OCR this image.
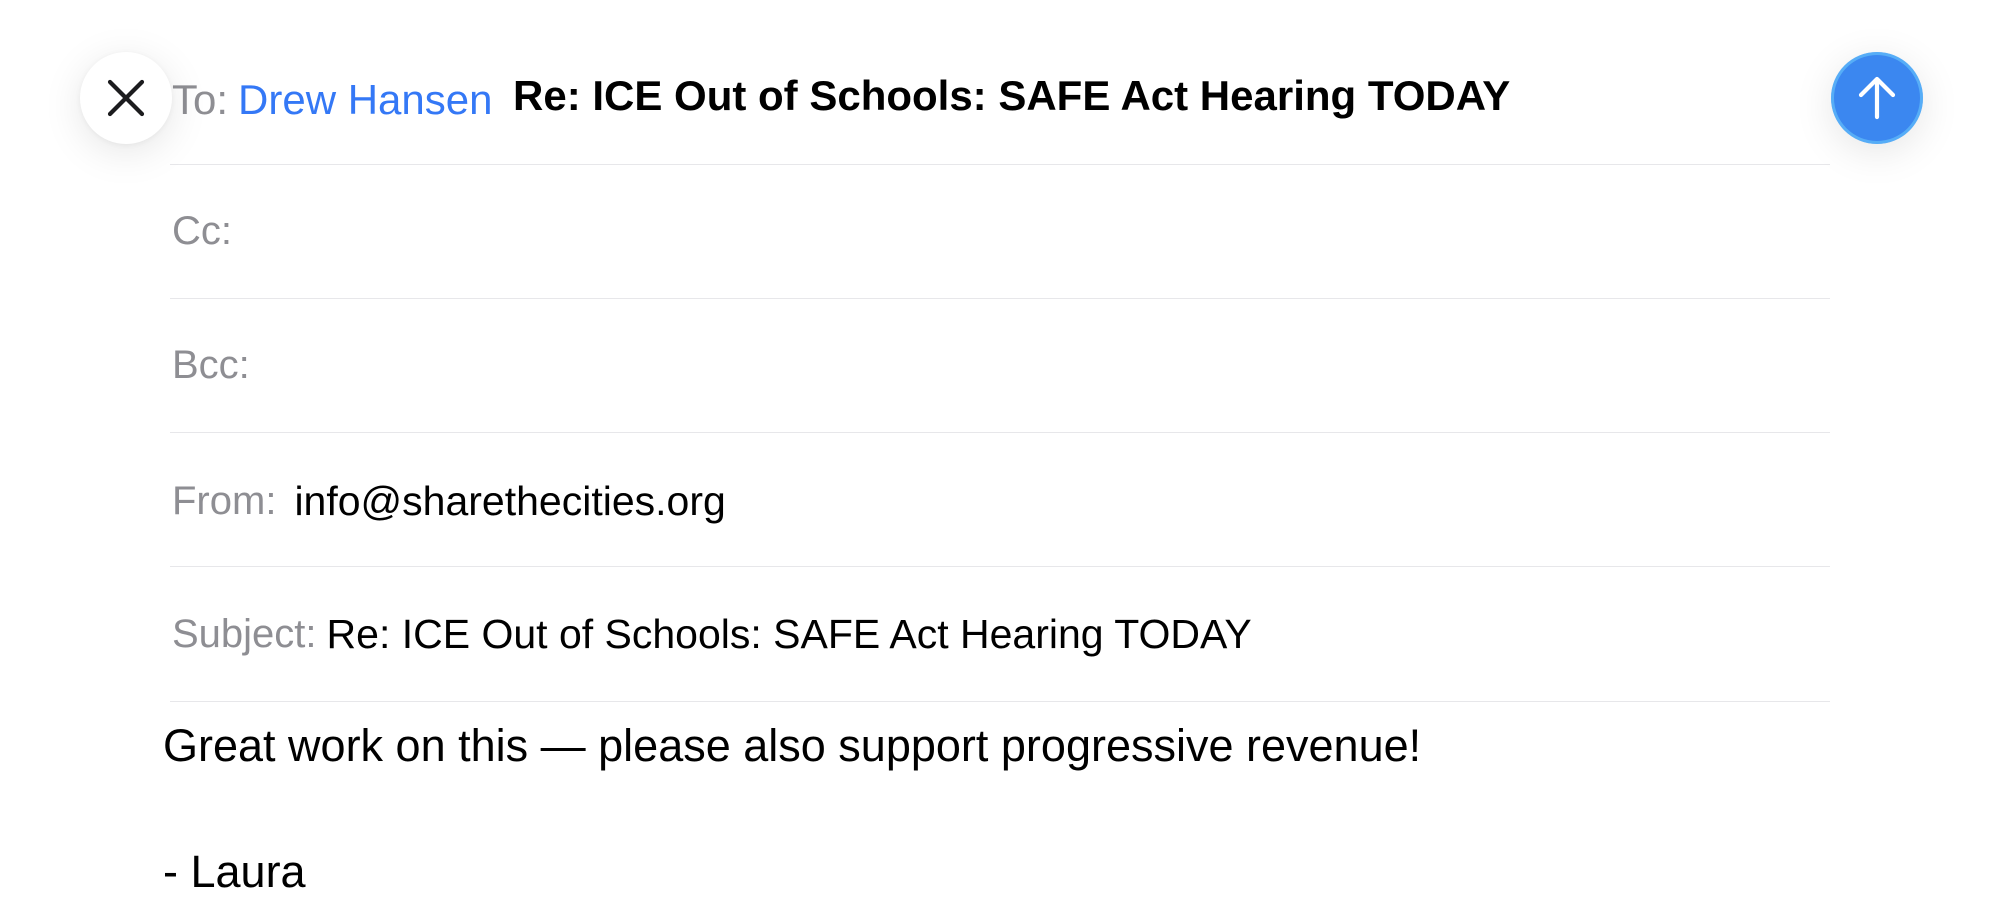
To: Drew Hansen Re: ICE Out of Schools: SAFE Act Hearing TODAY
Cc:
Bcc:
From: info@sharethecities.org
Subject: Re: ICE Out of Schools: SAFE Act Hearing TODAY
Great work on this — please also support progressive revenue!
- Laura
